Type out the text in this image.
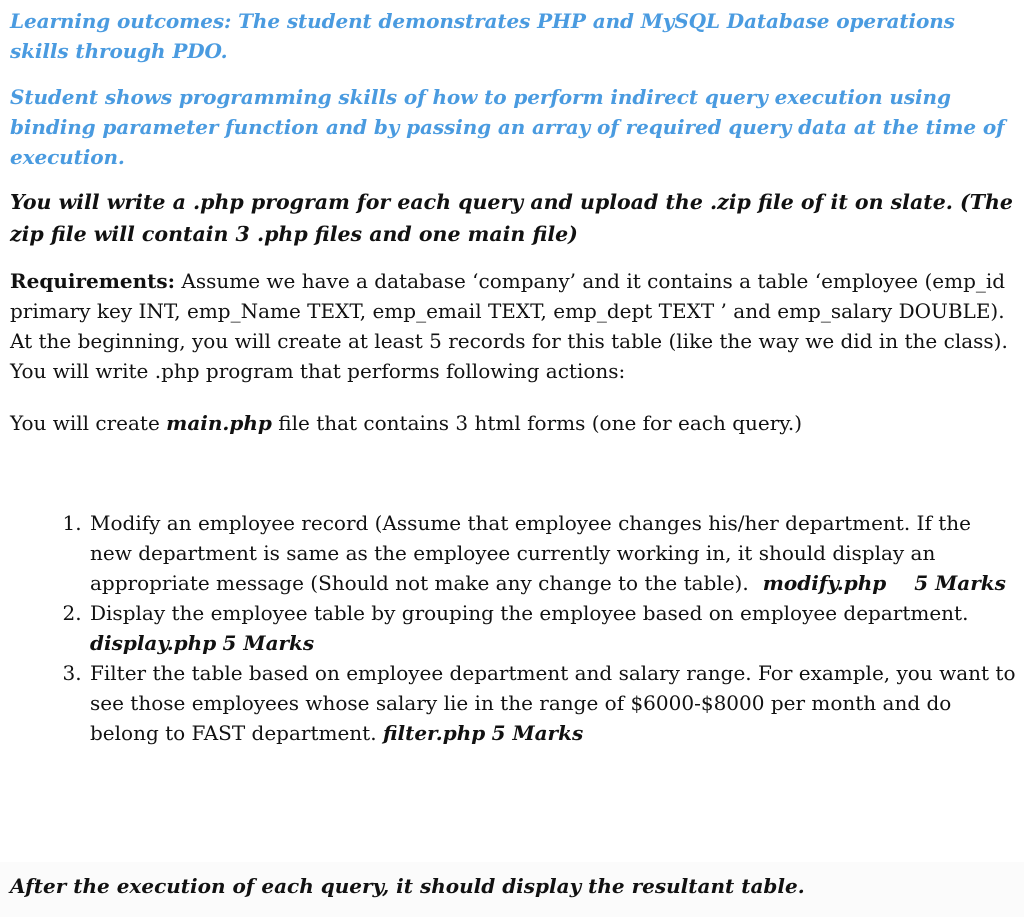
Learning outcomes: The student demonstrates PHP and MySQL Database operations skills through PDO.

Student shows programming skills of how to perform indirect query execution using binding parameter function and by passing an array of required query data at the time of execution.

You will write a .php program for each query and upload the .zip file of it on slate. (The zip file will contain 3 .php files and one main file)

Requirements: Assume we have a database ‘company’ and it contains a table ‘employee (emp_id primary key INT, emp_Name TEXT, emp_email TEXT, emp_dept TEXT ’ and emp_salary DOUBLE). At the beginning, you will create at least 5 records for this table (like the way we did in the class). You will write .php program that performs following actions:

You will create main.php file that contains 3 html forms (one for each query.)

1. Modify an employee record (Assume that employee changes his/her department. If the new department is same as the employee currently working in, it should display an appropriate message (Should not make any change to the table). modify.php 5 Marks
2. Display the employee table by grouping the employee based on employee department.display.php 5 Marks
3. Filter the table based on employee department and salary range. For example, you want to see those employees whose salary lie in the range of $6000-$8000 per month and do belong to FAST department. filter.php 5 Marks
After the execution of each query, it should display the resultant table.
